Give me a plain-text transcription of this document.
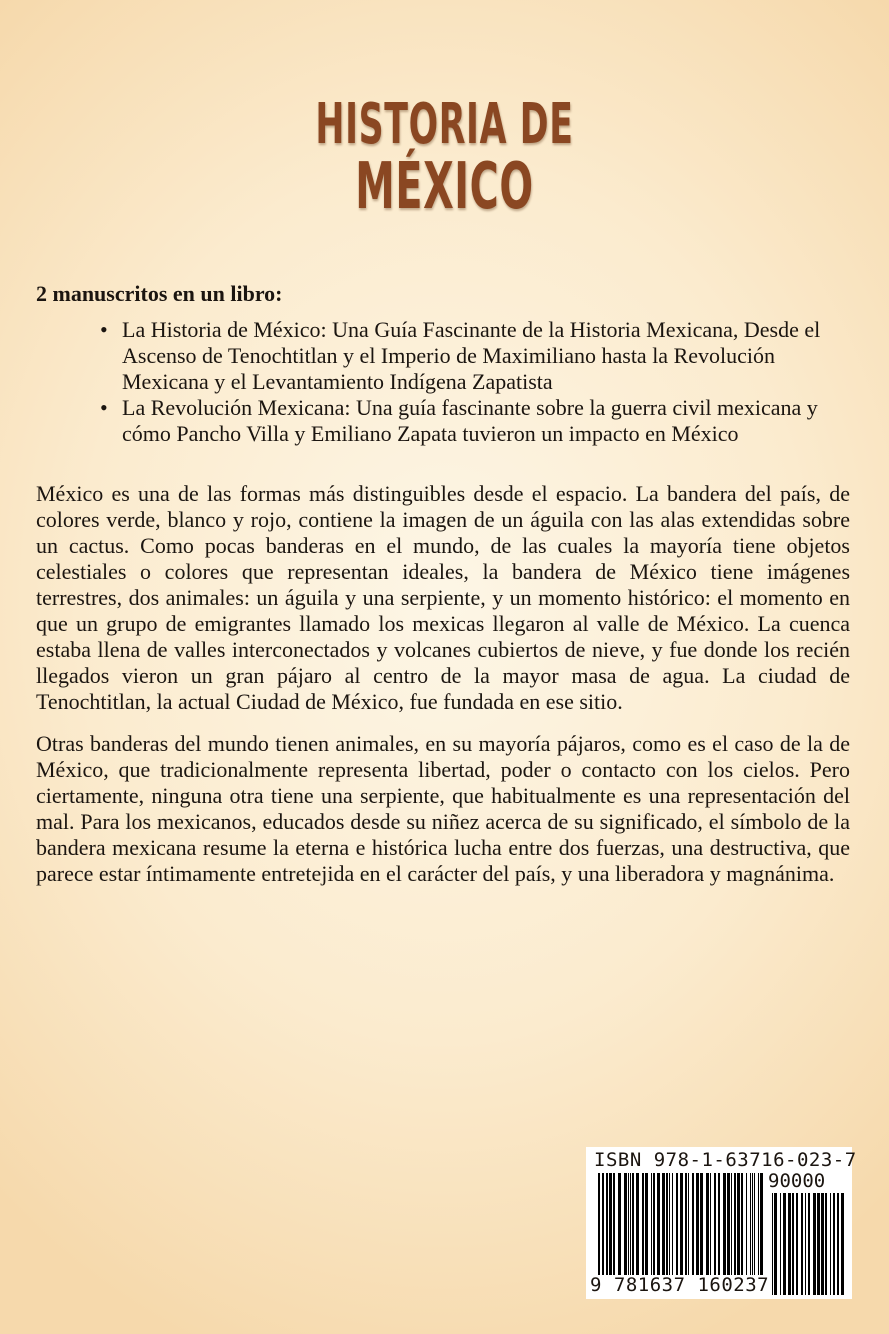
HISTORIA DE
MÉXICO
2 manuscritos en un libro:
• La Historia de México: Una Guía Fascinante de la Historia Mexicana, Desde el Ascenso de Tenochtitlan y el Imperio de Maximiliano hasta la Revolución Mexicana y el Levantamiento Indígena Zapatista
• La Revolución Mexicana: Una guía fascinante sobre la guerra civil mexicana y cómo Pancho Villa y Emiliano Zapata tuvieron un impacto en México

México es una de las formas más distinguibles desde el espacio. La bandera del país, de colores verde, blanco y rojo, contiene la imagen de un águila con las alas extendidas sobre un cactus. Como pocas banderas en el mundo, de las cuales la mayoría tiene objetos celestiales o colores que representan ideales, la bandera de México tiene imágenes terrestres, dos animales: un águila y una serpiente, y un momento histórico: el momento en que un grupo de emigrantes llamado los mexicas llegaron al valle de México. La cuenca estaba llena de valles interconectados y volcanes cubiertos de nieve, y fue donde los recién llegados vieron un gran pájaro al centro de la mayor masa de agua. La ciudad de Tenochtitlan, la actual Ciudad de México, fue fundada en ese sitio.

Otras banderas del mundo tienen animales, en su mayoría pájaros, como es el caso de la de México, que tradicionalmente representa libertad, poder o contacto con los cielos. Pero ciertamente, ninguna otra tiene una serpiente, que habitualmente es una representación del mal. Para los mexicanos, educados desde su niñez acerca de su significado, el símbolo de la bandera mexicana resume la eterna e histórica lucha entre dos fuerzas, una destructiva, que parece estar íntimamente entretejida en el carácter del país, y una liberadora y magnánima.

ISBN 978-1-63716-023-7
90000
9 781637 160237
